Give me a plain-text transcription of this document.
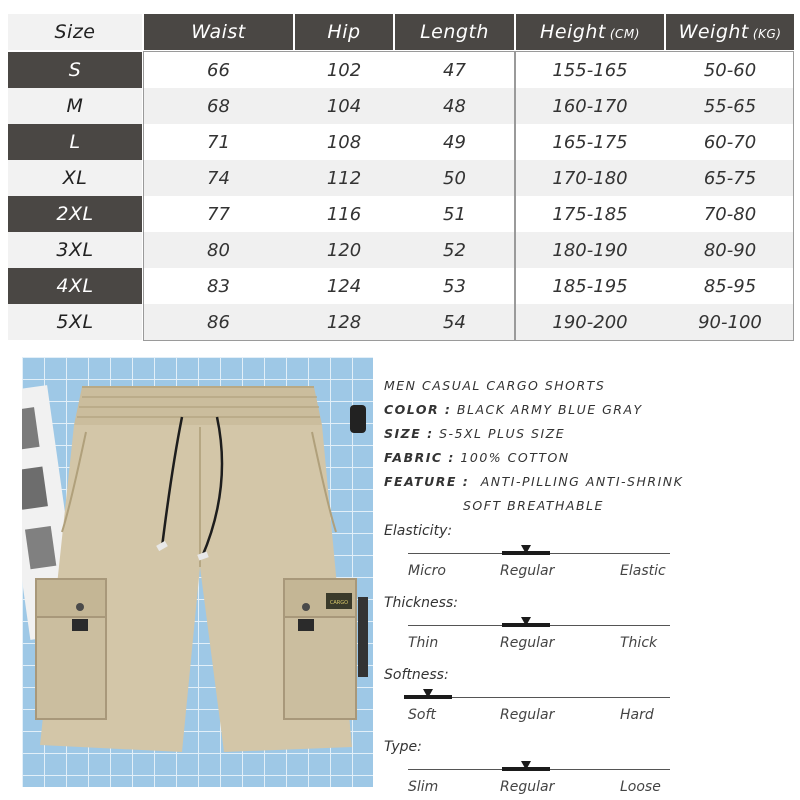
Size	Waist	Hip	Length	Height (CM) Weight (KG)
S	66	102	47	155-165	50-60
M	68	104	48	160-170	55-65
L	71	108	49	165-175	60-70
XL	74	112	50	170-180	65-75
2XL	77	116	51	175-185	70-80
3XL	80	120	52	180-190	80-90
4XL	83	124	53	185-195	85-95
5XL	86	128	54	190-200	90-100
CARGO
MEN CASUAL CARGO SHORTS
COLOR : BLACK ARMY BLUE GRAY
SIZE : S-5XL PLUS SIZE
FABRIC : 100% COTTON
FEATURE : ANTI-PILLING ANTI-SHRINK
SOFT BREATHABLE
Elasticity:
Micro	Regular	Elastic
Thickness:
Thin	Regular	Thick
Softness:
Soft	Regular	Hard
Type:
Slim	Regular	Loose
